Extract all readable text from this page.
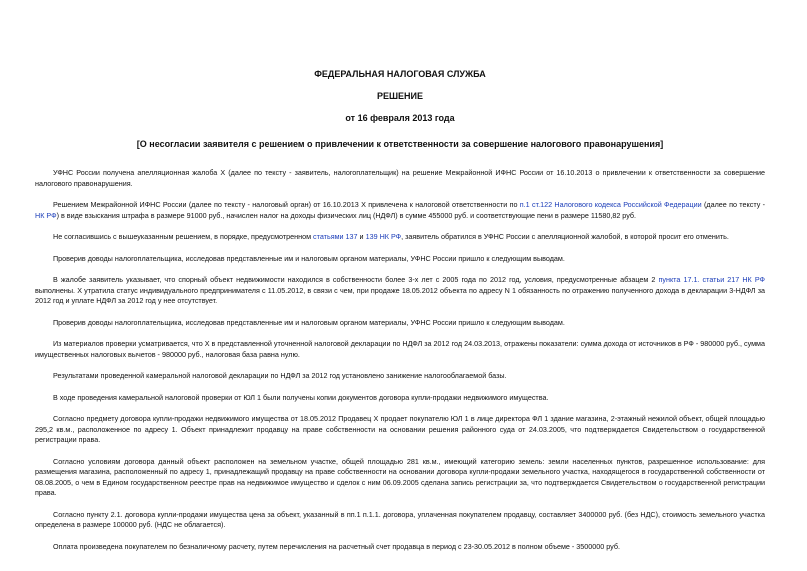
ФЕДЕРАЛЬНАЯ НАЛОГОВАЯ СЛУЖБА

РЕШЕНИЕ

от 16 февраля 2013 года

[О несогласии заявителя с решением о привлечении к ответственности за совершение налогового правонарушения]

УФНС России получена апелляционная жалоба Х (далее по тексту - заявитель, налогоплательщик) на решение Межрайонной ИФНС России от 16.10.2013 о привлечении к ответственности за совершение налогового правонарушения.

Решением Межрайонной ИФНС России (далее по тексту - налоговый орган) от 16.10.2013 Х привлечена к налоговой ответственности по п.1 ст.122 Налогового кодекса Российской Федерации (далее по тексту - НК РФ) в виде взыскания штрафа в размере 91000 руб., начислен налог на доходы физических лиц (НДФЛ) в сумме 455000 руб. и соответствующие пени в размере 11580,82 руб.

Не согласившись с вышеуказанным решением, в порядке, предусмотренном статьями 137 и 139 НК РФ, заявитель обратился в УФНС России с апелляционной жалобой, в которой просит его отменить.

Проверив доводы налогоплательщика, исследовав представленные им и налоговым органом материалы, УФНС России пришло к следующим выводам.

В жалобе заявитель указывает, что спорный объект недвижимости находился в собственности более 3-х лет с 2005 года по 2012 год, условия, предусмотренные абзацем 2 пункта 17.1. статьи 217 НК РФ выполнены. Х утратила статус индивидуального предпринимателя с 11.05.2012, в связи с чем, при продаже 18.05.2012 объекта по адресу N 1 обязанность по отражению полученного дохода в декларации 3-НДФЛ за 2012 год и уплате НДФЛ за 2012 год у нее отсутствует.

Проверив доводы налогоплательщика, исследовав представленные им и налоговым органом материалы, УФНС России пришло к следующим выводам.

Из материалов проверки усматривается, что Х в представленной уточненной налоговой декларации по НДФЛ за 2012 год 24.03.2013, отражены показатели: сумма дохода от источников в РФ - 980000 руб., сумма имущественных налоговых вычетов - 980000 руб., налоговая база равна нулю.

Результатами проведенной камеральной налоговой декларации по НДФЛ за 2012 год установлено занижение налогооблагаемой базы.

В ходе проведения камеральной налоговой проверки от ЮЛ 1 были получены копии документов договора купли-продажи недвижимого имущества.

Согласно предмету договора купли-продажи недвижимого имущества от 18.05.2012 Продавец Х продает покупателю ЮЛ 1 в лице директора ФЛ 1 здание магазина, 2-этажный нежилой объект, общей площадью 295,2 кв.м., расположенное по адресу 1. Объект принадлежит продавцу на праве собственности на основании решения районного суда от 24.03.2005, что подтверждается Свидетельством о государственной регистрации права.

Согласно условиям договора данный объект расположен на земельном участке, общей площадью 281 кв.м., имеющий категорию земель: земли населенных пунктов, разрешенное использование: для размещения магазина, расположенный по адресу 1, принадлежащий продавцу на праве собственности на основании договора купли-продажи земельного участка, находящегося в государственной собственности от 08.08.2005, о чем в Едином государственном реестре прав на недвижимое имущество и сделок с ним 06.09.2005 сделана запись регистрации за, что подтверждается Свидетельством о государственной регистрации права.

Согласно пункту 2.1. договора купли-продажи имущества цена за объект, указанный в пп.1 п.1.1. договора, уплаченная покупателем продавцу, составляет 3400000 руб. (без НДС), стоимость земельного участка определена в размере 100000 руб. (НДС не облагается).

Оплата произведена покупателем по безналичному расчету, путем перечисления на расчетный счет продавца в период с 23-30.05.2012 в полном объеме - 3500000 руб.
